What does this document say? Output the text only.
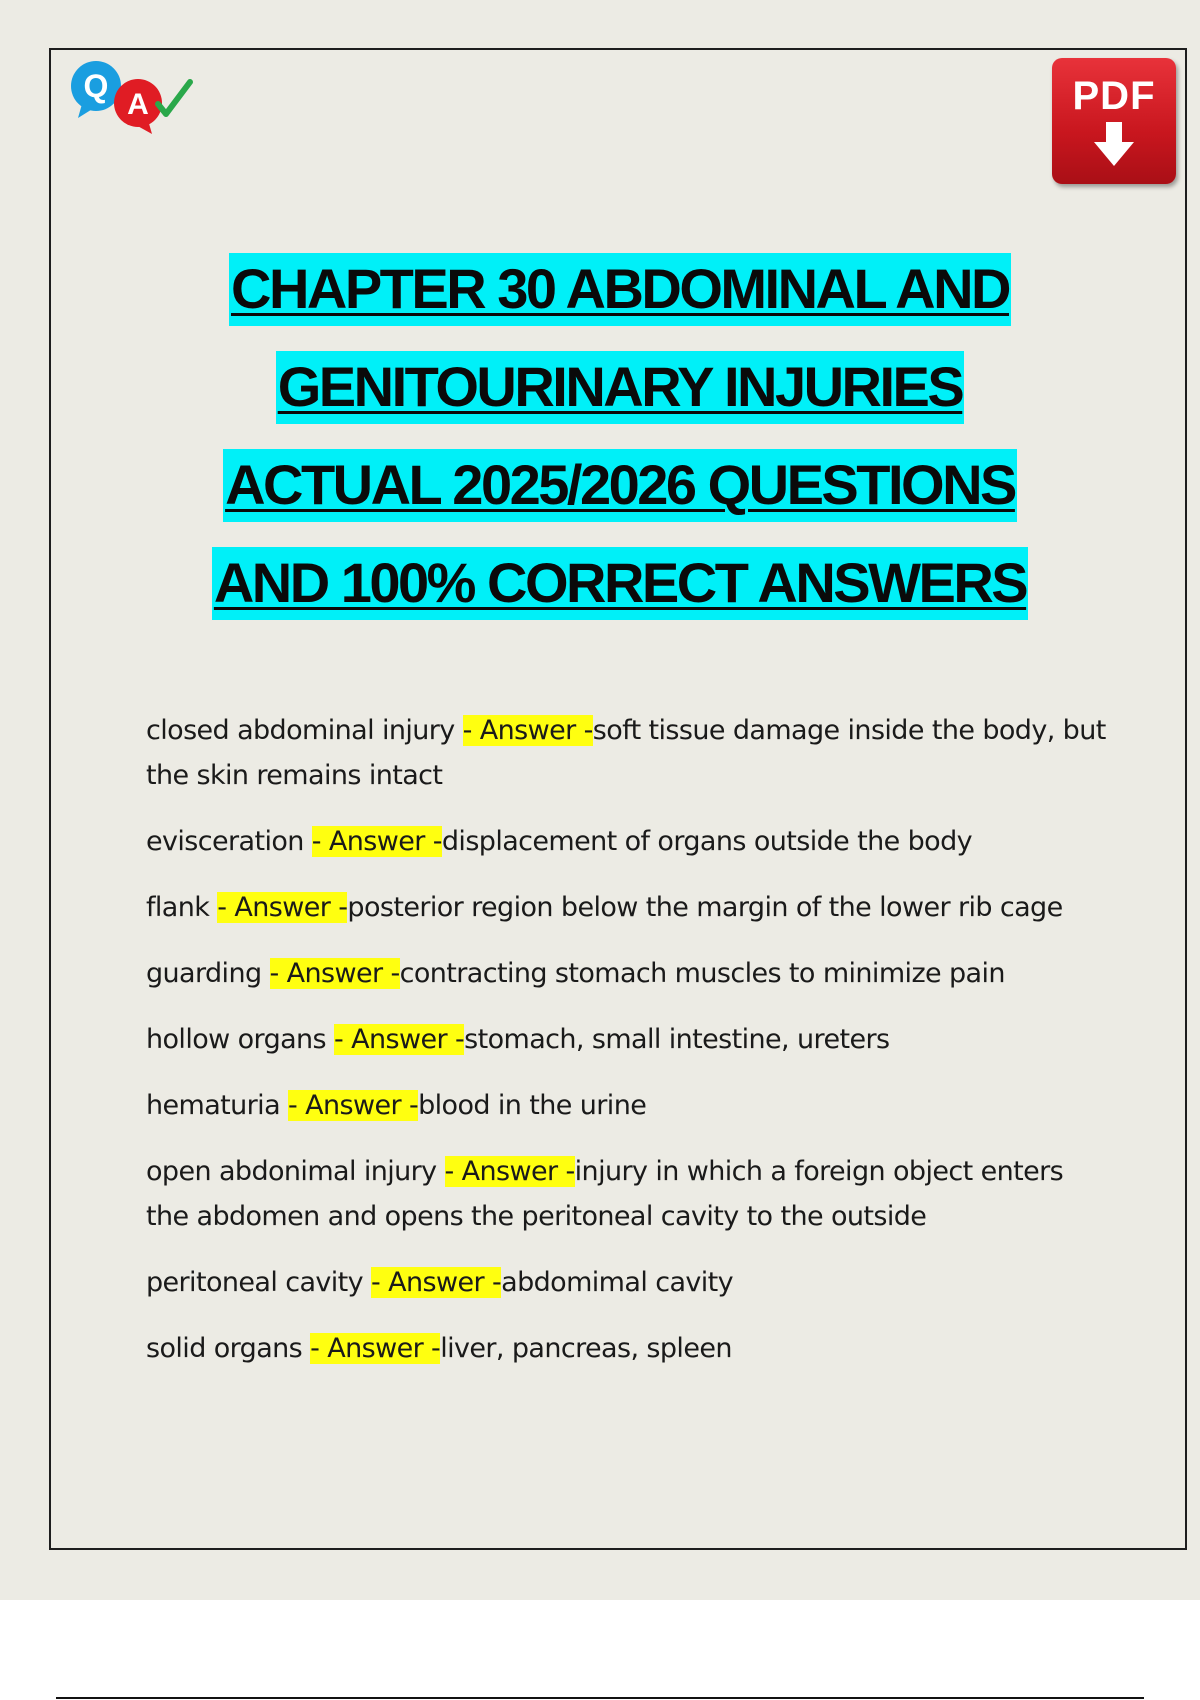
Q
A	PDF
CHAPTER 30 ABDOMINAL AND
GENITOURINARY INJURIES
ACTUAL 2025/2026 QUESTIONS
AND 100% CORRECT ANSWERS
closed abdominal injury - Answer -soft tissue damage inside the body, but the skin remains intact
evisceration - Answer -displacement of organs outside the body
flank - Answer -posterior region below the margin of the lower rib cage
guarding - Answer -contracting stomach muscles to minimize pain
hollow organs - Answer -stomach, small intestine, ureters
hematuria - Answer -blood in the urine
open abdonimal injury - Answer -injury in which a foreign object enters the abdomen and opens the peritoneal cavity to the outside
peritoneal cavity - Answer -abdomimal cavity
solid organs - Answer -liver, pancreas, spleen
